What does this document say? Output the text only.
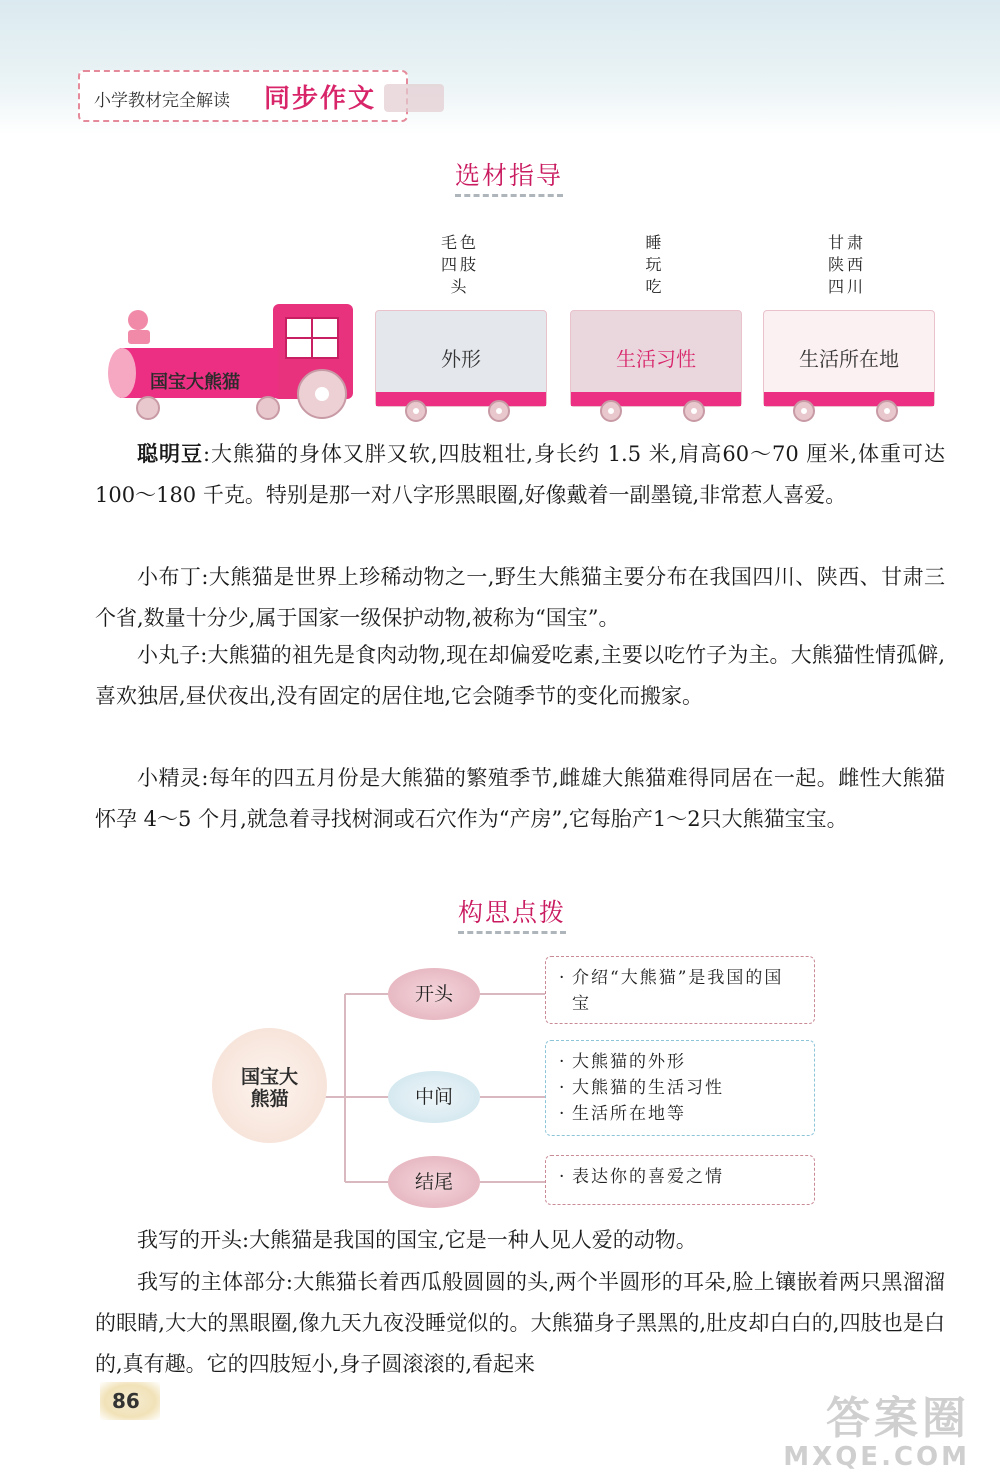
小学教材完全解读 同步作文
选材指导
毛色
四肢
头
睡
玩
吃
甘肃
陕西
四川
国宝大熊猫
外形	生活习性	生活所在地
聪明豆:大熊猫的身体又胖又软,四肢粗壮,身长约 1.5 米,肩高60～70 厘米,体重可达 100～180 千克。特别是那一对八字形黑眼圈,好像戴着一副墨镜,非常惹人喜爱。
小布丁:大熊猫是世界上珍稀动物之一,野生大熊猫主要分布在我国四川、陕西、甘肃三个省,数量十分少,属于国家一级保护动物,被称为“国宝”。
小丸子:大熊猫的祖先是食肉动物,现在却偏爱吃素,主要以吃竹子为主。大熊猫性情孤僻,喜欢独居,昼伏夜出,没有固定的居住地,它会随季节的变化而搬家。
小精灵:每年的四五月份是大熊猫的繁殖季节,雌雄大熊猫难得同居在一起。雌性大熊猫怀孕 4～5 个月,就急着寻找树洞或石穴作为“产房”,它每胎产1～2只大熊猫宝宝。
构思点拨
国宝大熊猫
开头
中间
结尾
· 介绍“大熊猫”是我国的国宝
· 大熊猫的外形
· 大熊猫的生活习性
· 生活所在地等
· 表达你的喜爱之情
我写的开头:大熊猫是我国的国宝,它是一种人见人爱的动物。
我写的主体部分:大熊猫长着西瓜般圆圆的头,两个半圆形的耳朵,脸上镶嵌着两只黑溜溜的眼睛,大大的黑眼圈,像九天九夜没睡觉似的。大熊猫身子黑黑的,肚皮却白白的,四肢也是白的,真有趣。它的四肢短小,身子圆滚滚的,看起来
86	答案圈
MXQE.COM
